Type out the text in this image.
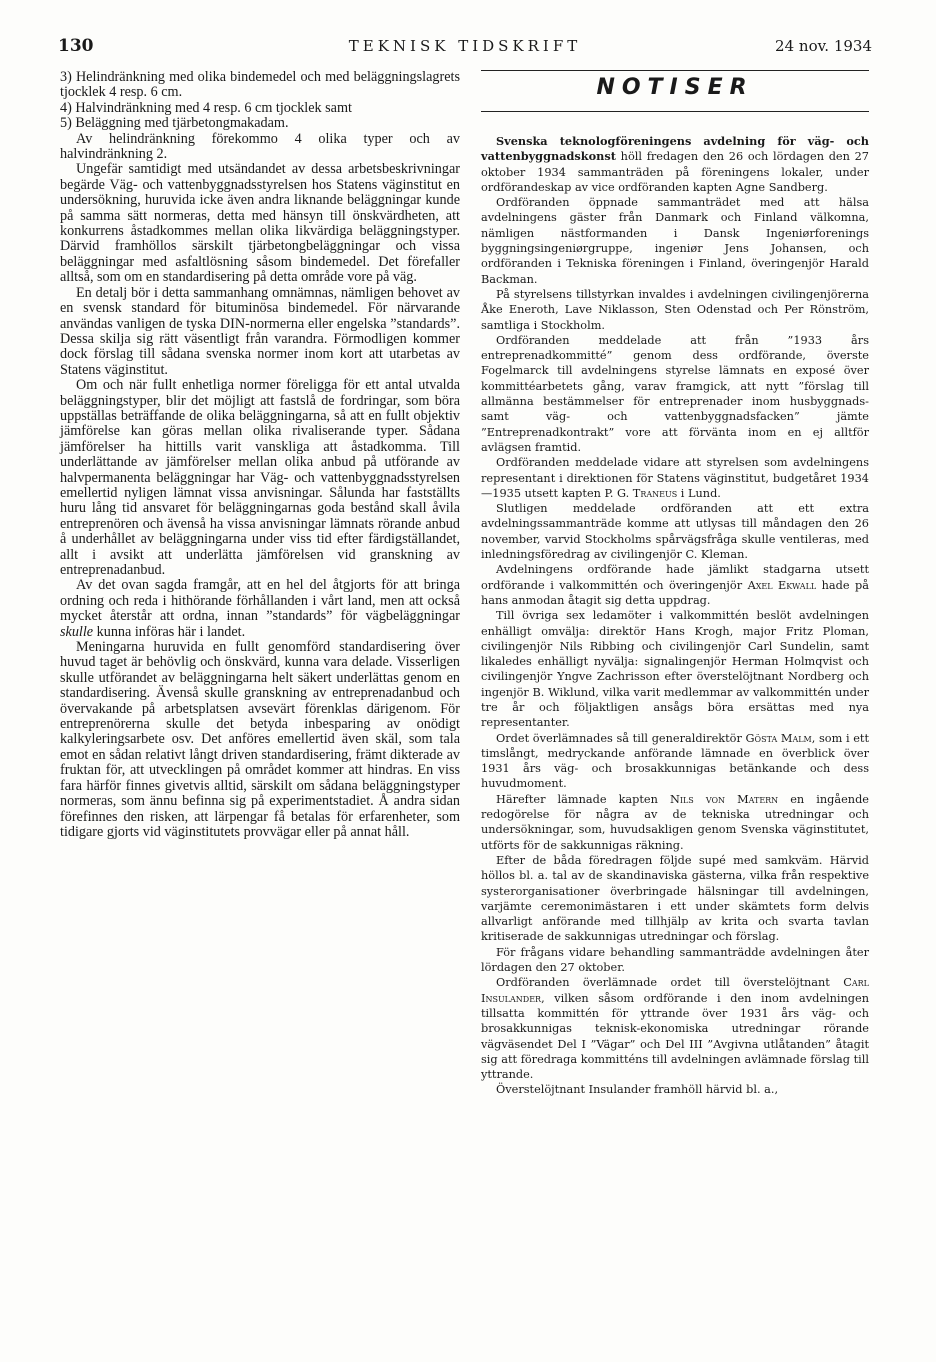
130	TEKNISK TIDSKRIFT	24 nov. 1934

3) Helindränkning med olika bindemedel och med beläggningslagrets tjocklek 4 resp. 6 cm.

4) Halvindränkning med 4 resp. 6 cm tjocklek samt

5) Beläggning med tjärbetongmakadam.

Av helindränkning förekommo 4 olika typer och av halvindränkning 2.

Ungefär samtidigt med utsändandet av dessa arbetsbeskrivningar begärde Väg- och vattenbyggnadsstyrelsen hos Statens väginstitut en undersökning, huruvida icke även andra liknande beläggningar kunde på samma sätt normeras, detta med hänsyn till önskvärdheten, att konkurrens åstadkommes mellan olika likvärdiga beläggningstyper. Därvid framhöllos särskilt tjärbetongbeläggningar och vissa beläggningar med asfaltlösning såsom bindemedel. Det förefaller alltså, som om en standardisering på detta område vore på väg.

En detalj bör i detta sammanhang omnämnas, nämligen behovet av en svensk standard för bituminösa bindemedel. För närvarande användas vanligen de tyska DIN-normerna eller engelska ”standards”. Dessa skilja sig rätt väsentligt från varandra. Förmodligen kommer dock förslag till sådana svenska normer inom kort att utarbetas av Statens väginstitut.

Om och när fullt enhetliga normer föreligga för ett antal utvalda beläggningstyper, blir det möjligt att fastslå de fordringar, som böra uppställas beträffande de olika beläggningarna, så att en fullt objektiv jämförelse kan göras mellan olika rivaliserande typer. Sådana jämförelser ha hittills varit vanskliga att åstadkomma. Till underlättande av jämförelser mellan olika anbud på utförande av halvpermanenta beläggningar har Väg- och vattenbyggnadsstyrelsen emellertid nyligen lämnat vissa anvisningar. Sålunda har fastställts huru lång tid ansvaret för beläggningarnas goda bestånd skall åvila entreprenören och ävenså ha vissa anvisningar lämnats rörande anbud å underhållet av beläggningarna under viss tid efter färdigställandet, allt i avsikt att underlätta jämförelsen vid granskning av entreprenadanbud.

Av det ovan sagda framgår, att en hel del åtgjorts för att bringa ordning och reda i hithörande förhållanden i vårt land, men att också mycket återstår att ordna, innan ”standards” för vägbeläggningar skulle kunna införas här i landet.

Meningarna huruvida en fullt genomförd standardisering över huvud taget är behövlig och önskvärd, kunna vara delade. Visserligen skulle utförandet av beläggningarna helt säkert underlättas genom en standardisering. Ävenså skulle granskning av entreprenadanbud och övervakande på arbetsplatsen avsevärt förenklas därigenom. För entreprenörerna skulle det betyda inbesparing av onödigt kalkyleringsarbete osv. Det anföres emellertid även skäl, som tala emot en sådan relativt långt driven standardisering, främt dikterade av fruktan för, att utvecklingen på området kommer att hindras. En viss fara härför finnes givetvis alltid, särskilt om sådana beläggningstyper normeras, som ännu befinna sig på experimentstadiet. Å andra sidan förefinnes den risken, att lärpengar få betalas för erfarenheter, som tidigare gjorts vid väginstitutets provvägar eller på annat håll.

NOTISER

Svenska teknologföreningens avdelning för väg- och vattenbyggnadskonst höll fredagen den 26 och lördagen den 27 oktober 1934 sammanträden på föreningens lokaler, under ordförandeskap av vice ordföranden kapten Agne Sandberg.

Ordföranden öppnade sammanträdet med att hälsa avdelningens gäster från Danmark och Finland välkomna, nämligen nästformanden i Dansk Ingeniørforenings byggningsingeniørgruppe, ingeniør Jens Johansen, och ordföranden i Tekniska föreningen i Finland, överingenjör Harald Backman.

På styrelsens tillstyrkan invaldes i avdelningen civilingenjörerna Åke Eneroth, Lave Niklasson, Sten Odenstad och Per Rönström, samtliga i Stockholm.

Ordföranden meddelade att från ”1933 års entreprenadkommitté” genom dess ordförande, överste Fogelmarck till avdelningens styrelse lämnats en exposé över kommittéarbetets gång, varav framgick, att nytt ”förslag till allmänna bestämmelser för entreprenader inom husbyggnads- samt väg- och vattenbyggnadsfacken” jämte ”Entreprenadkontrakt” vore att förvänta inom en ej alltför avlägsen framtid.

Ordföranden meddelade vidare att styrelsen som avdelningens representant i direktionen för Statens väginstitut, budgetåret 1934—1935 utsett kapten P. G. Traneus i Lund.

Slutligen meddelade ordföranden att ett extra avdelningssammanträde komme att utlysas till måndagen den 26 november, varvid Stockholms spårvägsfråga skulle ventileras, med inledningsföredrag av civilingenjör C. Kleman.

Avdelningens ordförande hade jämlikt stadgarna utsett ordförande i valkommittén och överingenjör Axel Ekwall hade på hans anmodan åtagit sig detta uppdrag.

Till övriga sex ledamöter i valkommittén beslöt avdelningen enhälligt omvälja: direktör Hans Krogh, major Fritz Ploman, civilingenjör Nils Ribbing och civilingenjör Carl Sundelin, samt likaledes enhälligt nyvälja: signalingenjör Herman Holmqvist och civilingenjör Yngve Zachrisson efter överstelöjtnant Nordberg och ingenjör B. Wiklund, vilka varit medlemmar av valkommittén under tre år och följaktligen ansågs böra ersättas med nya representanter.

Ordet överlämnades så till generaldirektör Gösta Malm, som i ett timslångt, medryckande anförande lämnade en överblick över 1931 års väg- och brosakkunnigas betänkande och dess huvudmoment.

Härefter lämnade kapten Nils von Matern en ingående redogörelse för några av de tekniska utredningar och undersökningar, som, huvudsakligen genom Svenska väginstitutet, utförts för de sakkunnigas räkning.

Efter de båda föredragen följde supé med samkväm. Härvid höllos bl. a. tal av de skandinaviska gästerna, vilka från respektive systerorganisationer överbringade hälsningar till avdelningen, varjämte ceremonimästaren i ett under skämtets form delvis allvarligt anförande med tillhjälp av krita och svarta tavlan kritiserade de sakkunnigas utredningar och förslag.

För frågans vidare behandling sammanträdde avdelningen åter lördagen den 27 oktober.

Ordföranden överlämnade ordet till överstelöjtnant Carl Insulander, vilken såsom ordförande i den inom avdelningen tillsatta kommittén för yttrande över 1931 års väg- och brosakkunnigas teknisk-ekonomiska utredningar rörande vägväsendet Del I ”Vägar” och Del III ”Avgivna utlåtanden” åtagit sig att föredraga kommitténs till avdelningen avlämnade förslag till yttrande.

Överstelöjtnant Insulander framhöll härvid bl. a.,
